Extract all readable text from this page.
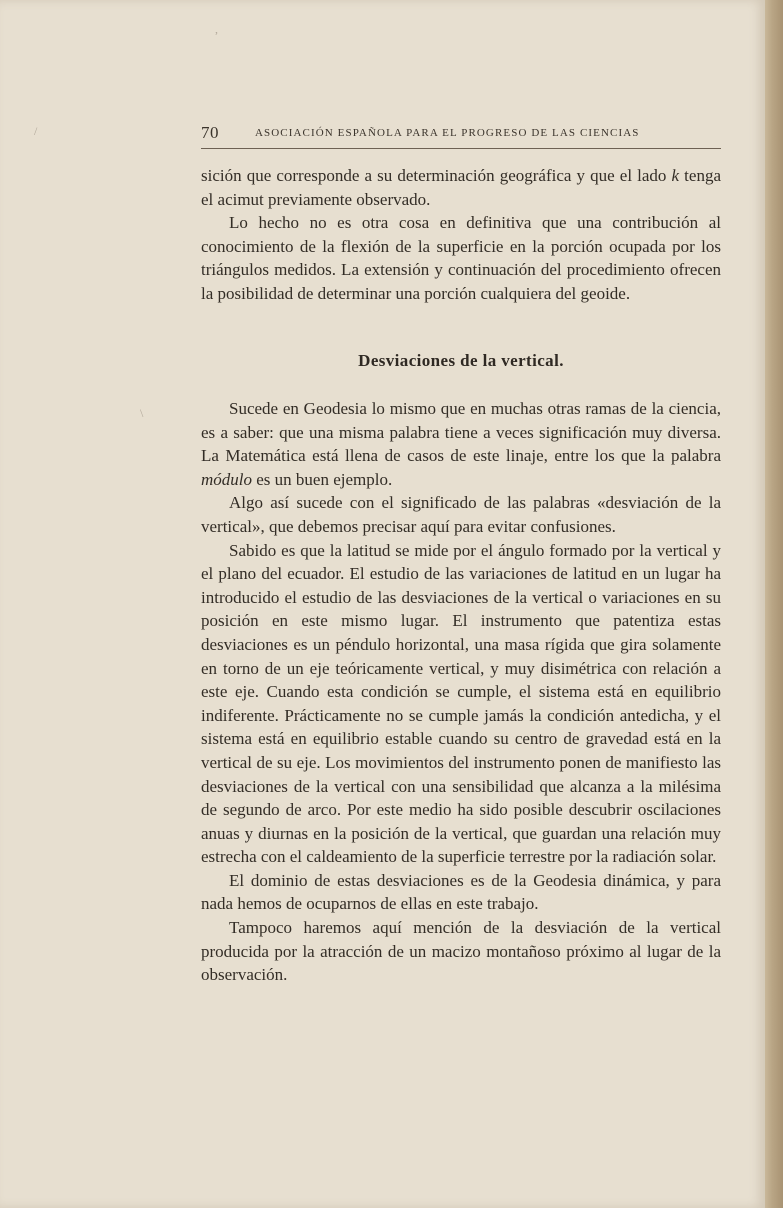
70	ASOCIACIÓN ESPAÑOLA PARA EL PROGRESO DE LAS CIENCIAS

sición que corresponde a su determinación geográfica y que el lado k tenga el acimut previamente observado.

Lo hecho no es otra cosa en definitiva que una contribución al conocimiento de la flexión de la superficie en la porción ocupada por los triángulos medidos. La extensión y continuación del procedimiento ofrecen la posibilidad de determinar una porción cualquiera del geoide.

Desviaciones de la vertical.

Sucede en Geodesia lo mismo que en muchas otras ramas de la ciencia, es a saber: que una misma palabra tiene a veces significación muy diversa. La Matemática está llena de casos de este linaje, entre los que la palabra módulo es un buen ejemplo.

Algo así sucede con el significado de las palabras «desviación de la vertical», que debemos precisar aquí para evitar confusiones.

Sabido es que la latitud se mide por el ángulo formado por la vertical y el plano del ecuador. El estudio de las variaciones de latitud en un lugar ha introducido el estudio de las desviaciones de la vertical o variaciones en su posición en este mismo lugar. El instrumento que patentiza estas desviaciones es un péndulo horizontal, una masa rígida que gira solamente en torno de un eje teóricamente vertical, y muy disimétrica con relación a este eje. Cuando esta condición se cumple, el sistema está en equilibrio indiferente. Prácticamente no se cumple jamás la condición antedicha, y el sistema está en equilibrio estable cuando su centro de gravedad está en la vertical de su eje. Los movimientos del instrumento ponen de manifiesto las desviaciones de la vertical con una sensibilidad que alcanza a la milésima de segundo de arco. Por este medio ha sido posible descubrir oscilaciones anuas y diurnas en la posición de la vertical, que guardan una relación muy estrecha con el caldeamiento de la superficie terrestre por la radiación solar.

El dominio de estas desviaciones es de la Geodesia dinámica, y para nada hemos de ocuparnos de ellas en este trabajo.

Tampoco haremos aquí mención de la desviación de la vertical producida por la atracción de un macizo montañoso próximo al lugar de la observación.

,
/
\
